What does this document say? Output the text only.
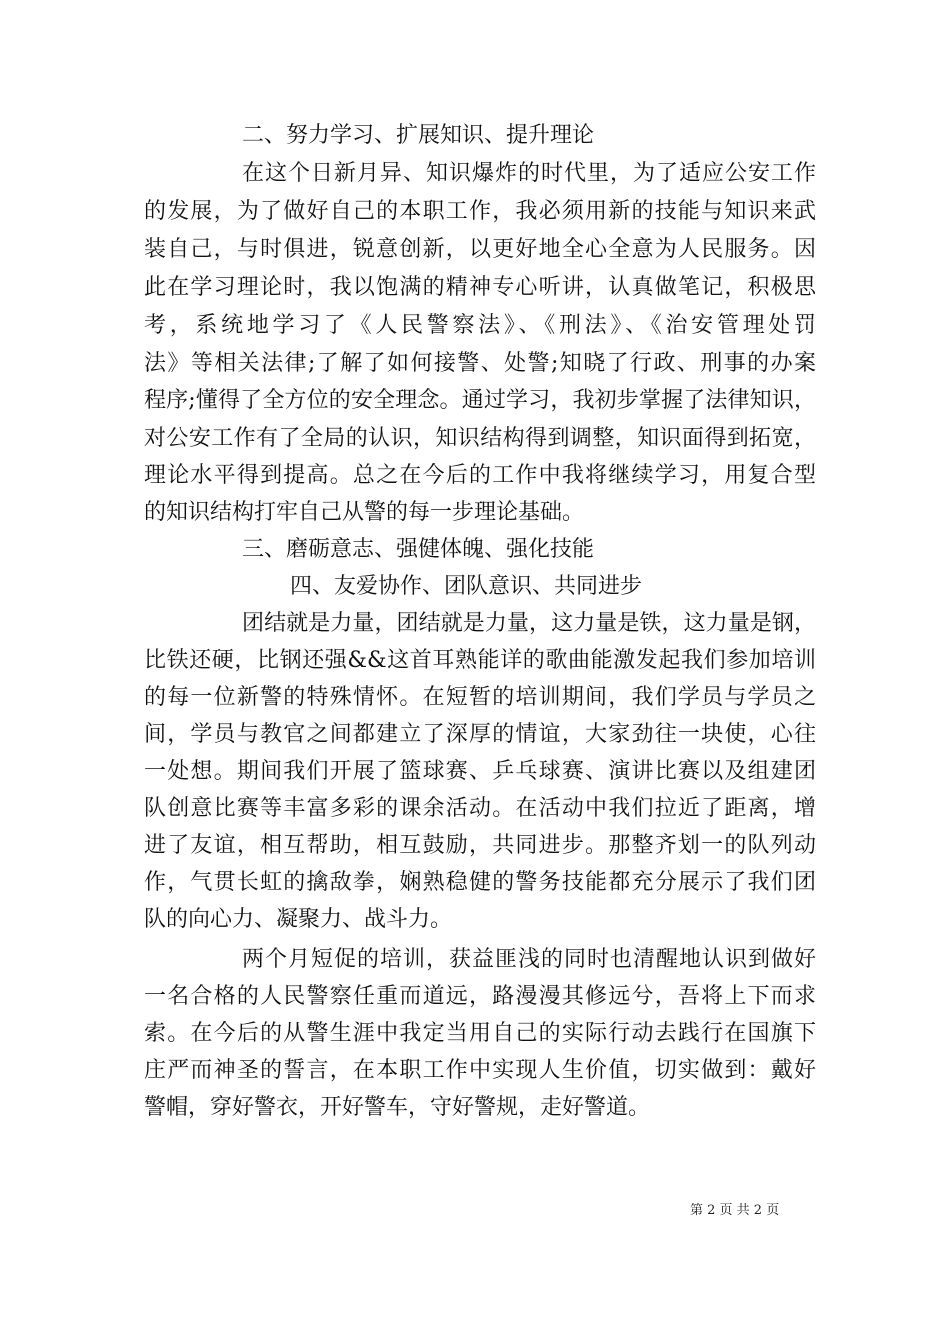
二、努力学习、扩展知识、提升理论
在这个日新月异、知识爆炸的时代里，为了适应公安工作
的发展，为了做好自己的本职工作，我必须用新的技能与知识来武
装自己，与时俱进，锐意创新，以更好地全心全意为人民服务。因
此在学习理论时，我以饱满的精神专心听讲，认真做笔记，积极思
考，系统地学习了《人民警察法》、《刑法》、《治安管理处罚
法》等相关法律;了解了如何接警、处警;知晓了行政、刑事的办案
程序;懂得了全方位的安全理念。通过学习，我初步掌握了法律知识，
对公安工作有了全局的认识，知识结构得到调整，知识面得到拓宽，
理论水平得到提高。总之在今后的工作中我将继续学习，用复合型
的知识结构打牢自己从警的每一步理论基础。
三、磨砺意志、强健体魄、强化技能
四、友爱协作、团队意识、共同进步
团结就是力量，团结就是力量，这力量是铁，这力量是钢，
比铁还硬，比钢还强&&这首耳熟能详的歌曲能激发起我们参加培训
的每一位新警的特殊情怀。在短暂的培训期间，我们学员与学员之
间，学员与教官之间都建立了深厚的情谊，大家劲往一块使，心往
一处想。期间我们开展了篮球赛、乒乓球赛、演讲比赛以及组建团
队创意比赛等丰富多彩的课余活动。在活动中我们拉近了距离，增
进了友谊，相互帮助，相互鼓励，共同进步。那整齐划一的队列动
作，气贯长虹的擒敌拳，娴熟稳健的警务技能都充分展示了我们团
队的向心力、凝聚力、战斗力。
两个月短促的培训，获益匪浅的同时也清醒地认识到做好
一名合格的人民警察任重而道远，路漫漫其修远兮，吾将上下而求
索。在今后的从警生涯中我定当用自己的实际行动去践行在国旗下
庄严而神圣的誓言，在本职工作中实现人生价值，切实做到：戴好
警帽，穿好警衣，开好警车，守好警规，走好警道。
第 2 页 共 2 页
